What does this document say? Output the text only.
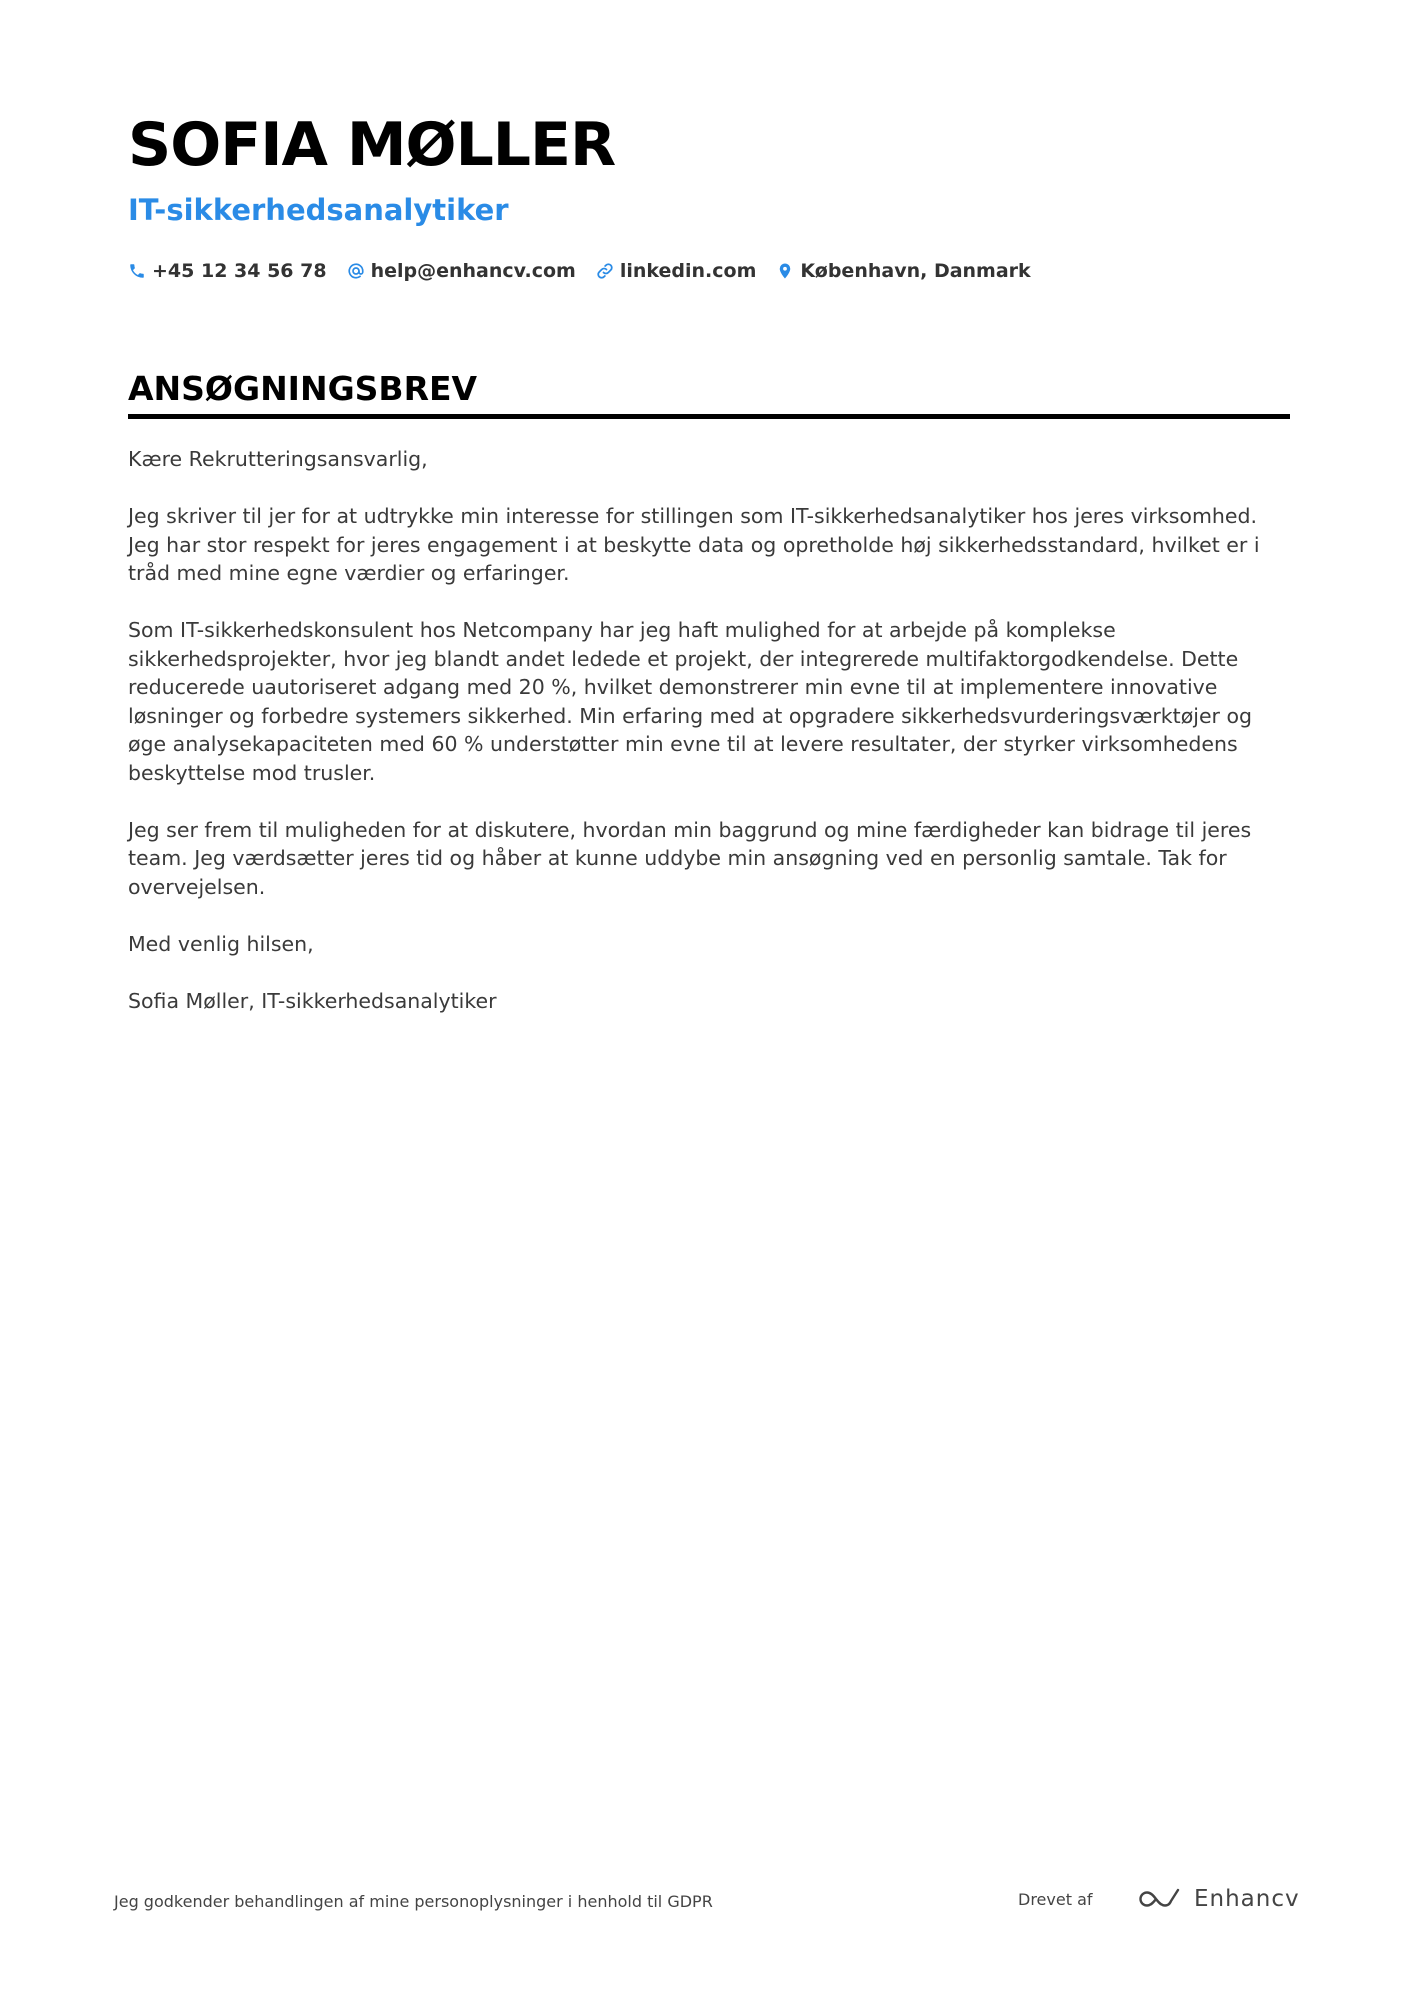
SOFIA MØLLER
IT-sikkerhedsanalytiker
+45 12 34 56 78 help@enhancv.com linkedin.com København, Danmark
ANSØGNINGSBREV

Kære Rekrutteringsansvarlig,

Jeg skriver til jer for at udtrykke min interesse for stillingen som IT-sikkerhedsanalytiker hos jeres virksomhed. Jeg har stor respekt for jeres engagement i at beskytte data og opretholde høj sikkerhedsstandard, hvilket er i tråd med mine egne værdier og erfaringer.

Som IT-sikkerhedskonsulent hos Netcompany har jeg haft mulighed for at arbejde på komplekse sikkerhedsprojekter, hvor jeg blandt andet ledede et projekt, der integrerede multifaktorgodkendelse. Dette reducerede uautoriseret adgang med 20 %, hvilket demonstrerer min evne til at implementere innovative løsninger og forbedre systemers sikkerhed. Min erfaring med at opgradere sikkerhedsvurderingsværktøjer og øge analysekapaciteten med 60 % understøtter min evne til at levere resultater, der styrker virksomhedens beskyttelse mod trusler.

Jeg ser frem til muligheden for at diskutere, hvordan min baggrund og mine færdigheder kan bidrage til jeres team. Jeg værdsætter jeres tid og håber at kunne uddybe min ansøgning ved en personlig samtale. Tak for overvejelsen.

Med venlig hilsen,

Sofia Møller, IT-sikkerhedsanalytiker

Jeg godkender behandlingen af mine personoplysninger i henhold til GDPR	Drevet af	Enhancv
